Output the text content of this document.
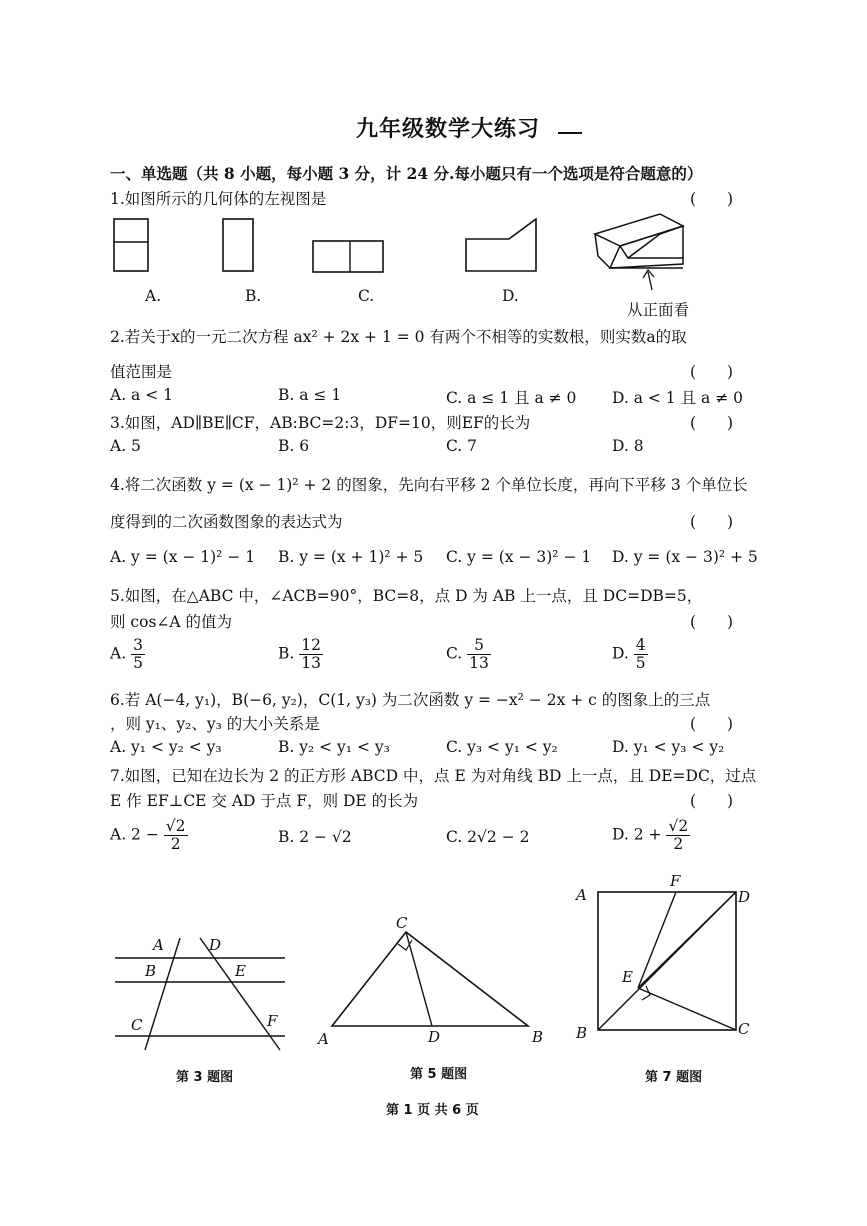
九年级数学大练习
一、单选题（共 8 小题，每小题 3 分，计 24 分.每小题只有一个选项是符合题意的）
1.如图所示的几何体的左视图是	(　　)
A.	B.	C.	D.
从正面看
2.若关于x的一元二次方程 ax² + 2x + 1 = 0 有两个不相等的实数根，则实数a的取
值范围是	(　　)
A. a < 1	B. a ≤ 1	C. a ≤ 1 且 a ≠ 0 D. a < 1 且 a ≠ 0
3.如图，AD∥BE∥CF，AB:BC=2:3，DF=10，则EF的长为	(　　)
A. 5	B. 6	C. 7	D. 8
4.将二次函数 y = (x − 1)² + 2 的图象，先向右平移 2 个单位长度，再向下平移 3 个单位长
度得到的二次函数图象的表达式为	(　　)
A. y = (x − 1)² − 1 B. y = (x + 1)² + 5 C. y = (x − 3)² − 1 D. y = (x − 3)² + 5
5.如图，在△ABC 中，∠ACB=90°，BC=8，点 D 为 AB 上一点，且 DC=DB=5，
则 cos∠A 的值为	(　　)
A. $\frac{3}{5}$	B. $\frac{12}{13}$	C. $\frac{5}{13}$	D. $\frac{4}{5}$
6.若 A(−4, y₁)，B(−6, y₂)，C(1, y₃) 为二次函数 y = −x² − 2x + c 的图象上的三点
，则 y₁、y₂、y₃ 的大小关系是	(　　)
A. y₁ < y₂ < y₃	B. y₂ < y₁ < y₃	C. y₃ < y₁ < y₂	D. y₁ < y₃ < y₂
7.如图，已知在边长为 2 的正方形 ABCD 中，点 E 为对角线 BD 上一点，且 DE=DC，过点
E 作 EF⊥CE 交 AD 于点 F，则 DE 的长为	(　　)
A. $2 - \frac{√2}{2}$	B. 2 − √2	C. 2√2 − 2	D. $2 + \frac{√2}{2}$
A	D
B	E
C	F
第 3 题图
C
A	D	B
第 5 题图
A
F
D
E
B	C
第 7 题图
第 1 页 共 6 页
